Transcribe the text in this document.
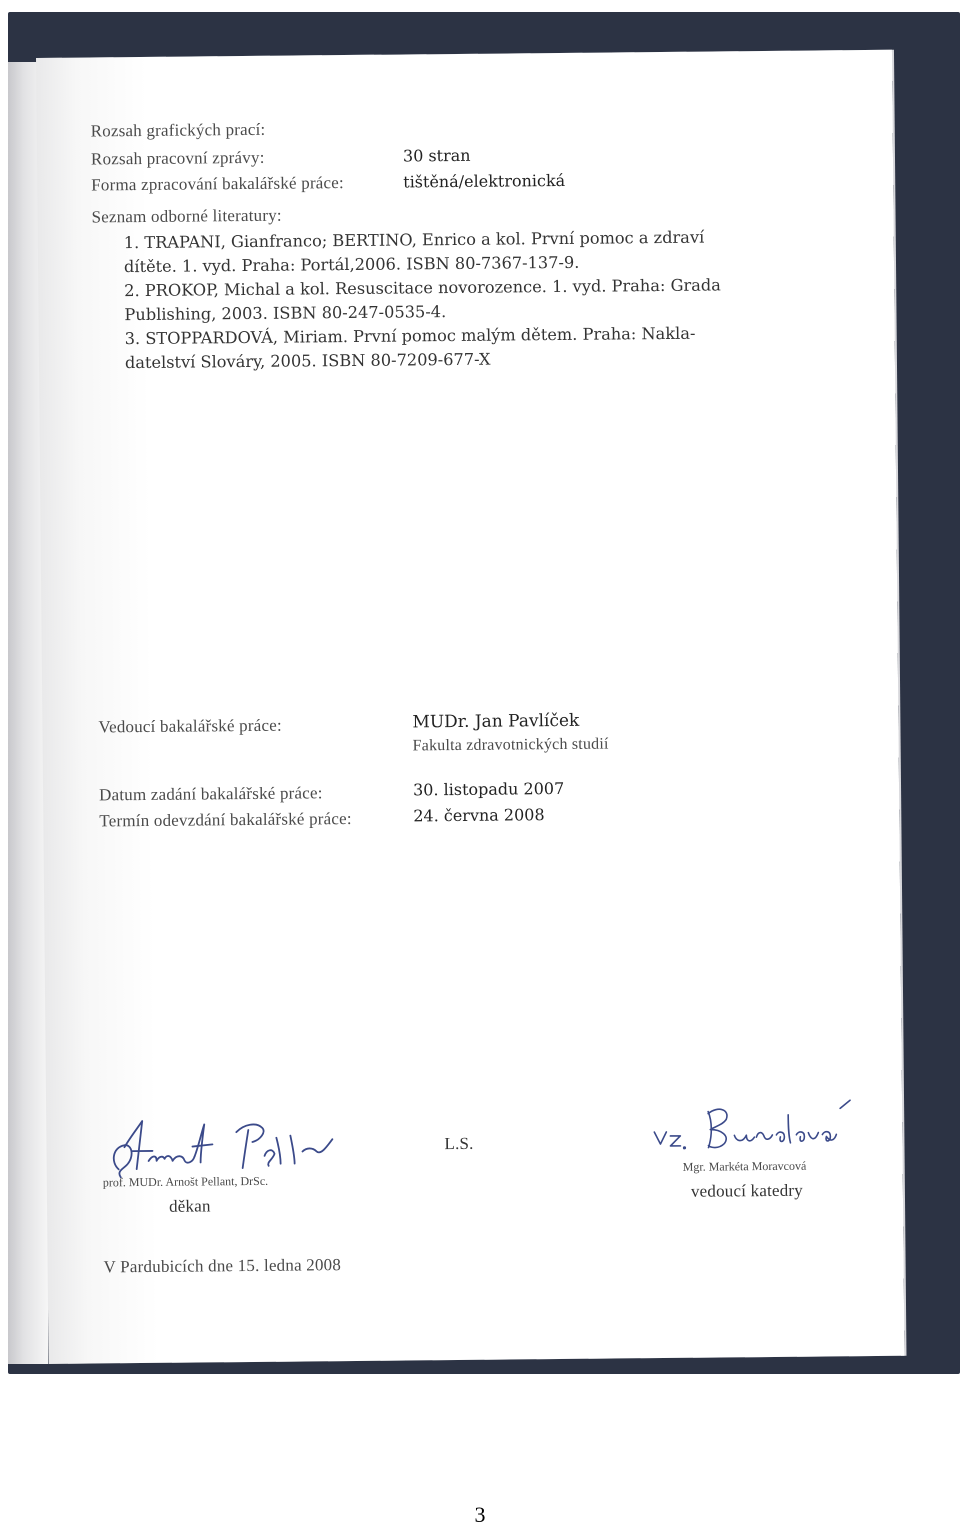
Rozsah grafických prací:
Rozsah pracovní zprávy:	30 stran
Forma zpracování bakalářské práce:	tištěná/elektronická
Seznam odborné literatury:
1. TRAPANI, Gianfranco; BERTINO, Enrico a kol. První pomoc a zdraví
dítěte. 1. vyd. Praha: Portál,2006. ISBN 80-7367-137-9.
2. PROKOP, Michal a kol. Resuscitace novorozence. 1. vyd. Praha: Grada
Publishing, 2003. ISBN 80-247-0535-4.
3. STOPPARDOVÁ, Miriam. První pomoc malým dětem. Praha: Nakla-
datelství Slováry, 2005. ISBN 80-7209-677-X
Vedoucí bakalářské práce:	MUDr. Jan Pavlíček
Fakulta zdravotnických studií
Datum zadání bakalářské práce:	30. listopadu 2007
Termín odevzdání bakalářské práce:	24. června 2008
prof. MUDr. Arnošt Pellant, DrSc.
děkan
L.S.
Mgr. Markéta Moravcová
vedoucí katedry
V Pardubicích dne 15. ledna 2008
3
